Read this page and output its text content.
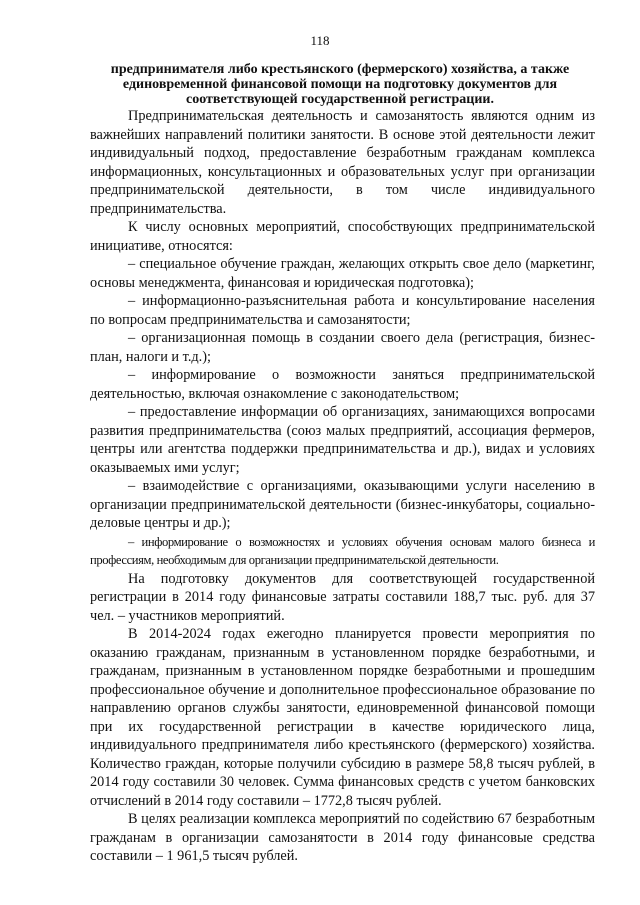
118
предпринимателя либо крестьянского (фермерского) хозяйства, а также единовременной финансовой помощи на подготовку документов для соответствующей государственной регистрации.

Предпринимательская деятельность и самозанятость являются одним из важнейших направлений политики занятости. В основе этой деятельности лежит индивидуальный подход, предоставление безработным гражданам комплекса информационных, консультационных и образовательных услуг при организации предпринимательской деятельности, в том числе индивидуального предпринимательства.

К числу основных мероприятий, способствующих предпринимательской инициативе, относятся:

– специальное обучение граждан, желающих открыть свое дело (маркетинг, основы менеджмента, финансовая и юридическая подготовка);

– информационно-разъяснительная работа и консультирование населения по вопросам предпринимательства и самозанятости;

– организационная помощь в создании своего дела (регистрация, бизнес-план, налоги и т.д.);

– информирование о возможности заняться предпринимательской деятельностью, включая ознакомление с законодательством;

– предоставление информации об организациях, занимающихся вопросами развития предпринимательства (союз малых предприятий, ассоциация фермеров, центры или агентства поддержки предпринимательства и др.), видах и условиях оказываемых ими услуг;

– взаимодействие с организациями, оказывающими услуги населению в организации предпринимательской деятельности (бизнес-инкубаторы, социально-деловые центры и др.);

– информирование о возможностях и условиях обучения основам малого бизнеса и профессиям, необходимым для организации предпринимательской деятельности.

На подготовку документов для соответствующей государственной регистрации в 2014 году финансовые затраты составили 188,7 тыс. руб. для 37 чел. – участников мероприятий.

В 2014-2024 годах ежегодно планируется провести мероприятия по оказанию гражданам, признанным в установленном порядке безработными, и гражданам, признанным в установленном порядке безработными и прошедшим профессиональное обучение и дополнительное профессиональное образование по направлению органов службы занятости, единовременной финансовой помощи при их государственной регистрации в качестве юридического лица, индивидуального предпринимателя либо крестьянского (фермерского) хозяйства. Количество граждан, которые получили субсидию в размере 58,8 тысяч рублей, в 2014 году составили 30 человек. Сумма финансовых средств с учетом банковских отчислений в 2014 году составили – 1772,8 тысяч рублей.

В целях реализации комплекса мероприятий по содействию 67 безработным гражданам в организации самозанятости в 2014 году финансовые средства составили – 1 961,5 тысяч рублей.
